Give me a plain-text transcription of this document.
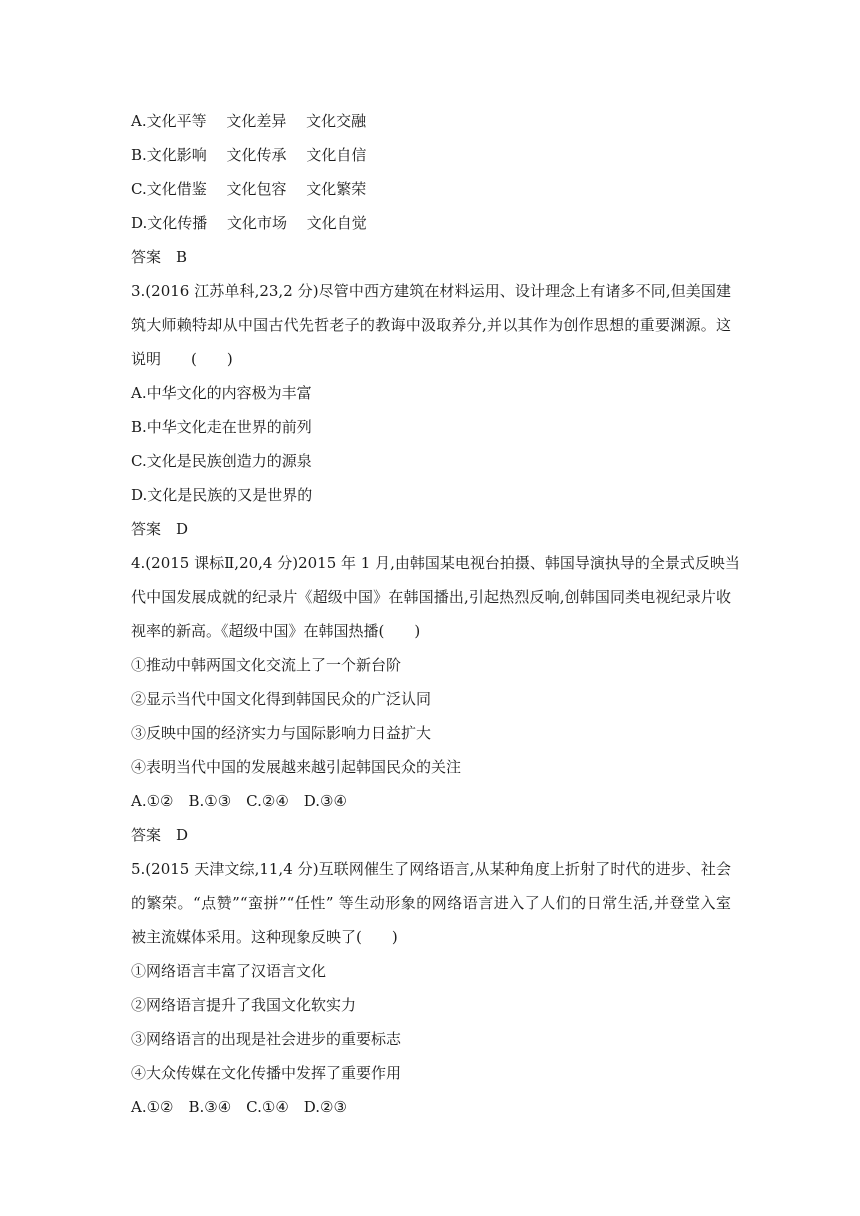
A.文化平等　 文化差异　 文化交融
B.文化影响　 文化传承　 文化自信
C.文化借鉴　 文化包容　 文化繁荣
D.文化传播　 文化市场　 文化自觉
答案　B
3.(2016 江苏单科,23,2 分)尽管中西方建筑在材料运用、设计理念上有诸多不同,但美国建
筑大师赖特却从中国古代先哲老子的教诲中汲取养分,并以其作为创作思想的重要渊源。这
说明　　(　　)
A.中华文化的内容极为丰富
B.中华文化走在世界的前列
C.文化是民族创造力的源泉
D.文化是民族的又是世界的
答案　D
4.(2015 课标Ⅱ,20,4 分)2015 年 1 月,由韩国某电视台拍摄、韩国导演执导的全景式反映当
代中国发展成就的纪录片《超级中国》在韩国播出,引起热烈反响,创韩国同类电视纪录片收
视率的新高。《超级中国》在韩国热播(　　)
①推动中韩两国文化交流上了一个新台阶
②显示当代中国文化得到韩国民众的广泛认同
③反映中国的经济实力与国际影响力日益扩大
④表明当代中国的发展越来越引起韩国民众的关注
A.①②　B.①③　C.②④　D.③④
答案　D
5.(2015 天津文综,11,4 分)互联网催生了网络语言,从某种角度上折射了时代的进步、社会
的繁荣。“点赞”“蛮拼”“任性” 等生动形象的网络语言进入了人们的日常生活,并登堂入室
被主流媒体采用。这种现象反映了(　　)
①网络语言丰富了汉语言文化
②网络语言提升了我国文化软实力
③网络语言的出现是社会进步的重要标志
④大众传媒在文化传播中发挥了重要作用
A.①②　B.③④　C.①④　D.②③
